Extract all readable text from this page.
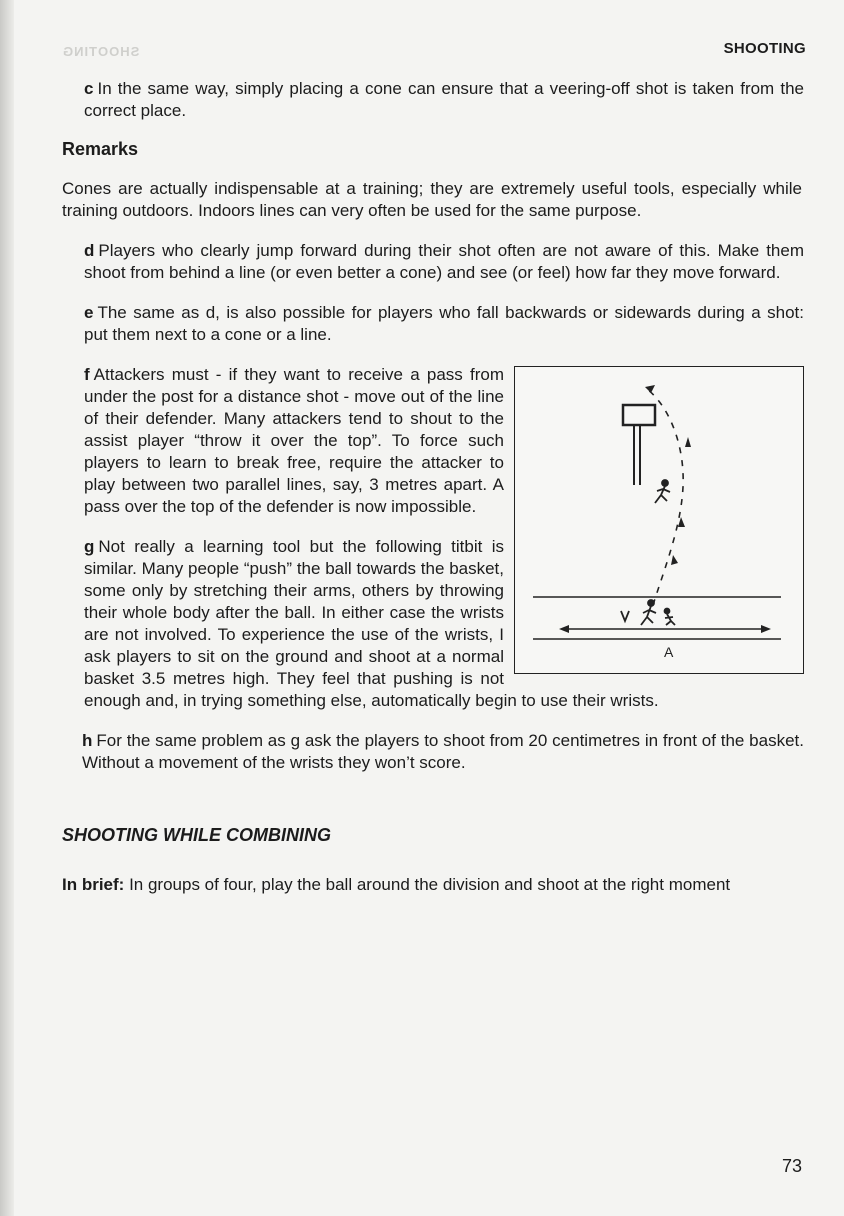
SHOOTING	SHOOTING

c In the same way, simply placing a cone can ensure that a veering-off shot is taken from the correct place.

Remarks

Cones are actually indispensable at a training; they are extremely useful tools, especially while training outdoors. Indoors lines can very often be used for the same purpose.

d Players who clearly jump forward during their shot often are not aware of this. Make them shoot from behind a line (or even better a cone) and see (or feel) how far they move forward.

e The same as d, is also possible for players who fall backwards or sidewards during a shot: put them next to a cone or a line.

A

f Attackers must - if they want to receive a pass from under the post for a distance shot - move out of the line of their defender. Many attackers tend to shout to the assist player “throw it over the top”. To force such players to learn to break free, require the attacker to play between two parallel lines, say, 3 metres apart. A pass over the top of the defender is now impossible.

g Not really a learning tool but the following titbit is similar. Many people “push” the ball towards the basket, some only by stretching their arms, others by throwing their whole body after the ball. In either case the wrists are not involved. To experience the use of the wrists, I ask players to sit on the ground and shoot at a normal basket 3.5 metres high. They feel that pushing is not enough and, in trying something else, automatically begin to use their wrists.

h For the same problem as g ask the players to shoot from 20 centimetres in front of the basket. Without a movement of the wrists they won’t score.

SHOOTING WHILE COMBINING

In brief: In groups of four, play the ball around the division and shoot at the right moment

73
